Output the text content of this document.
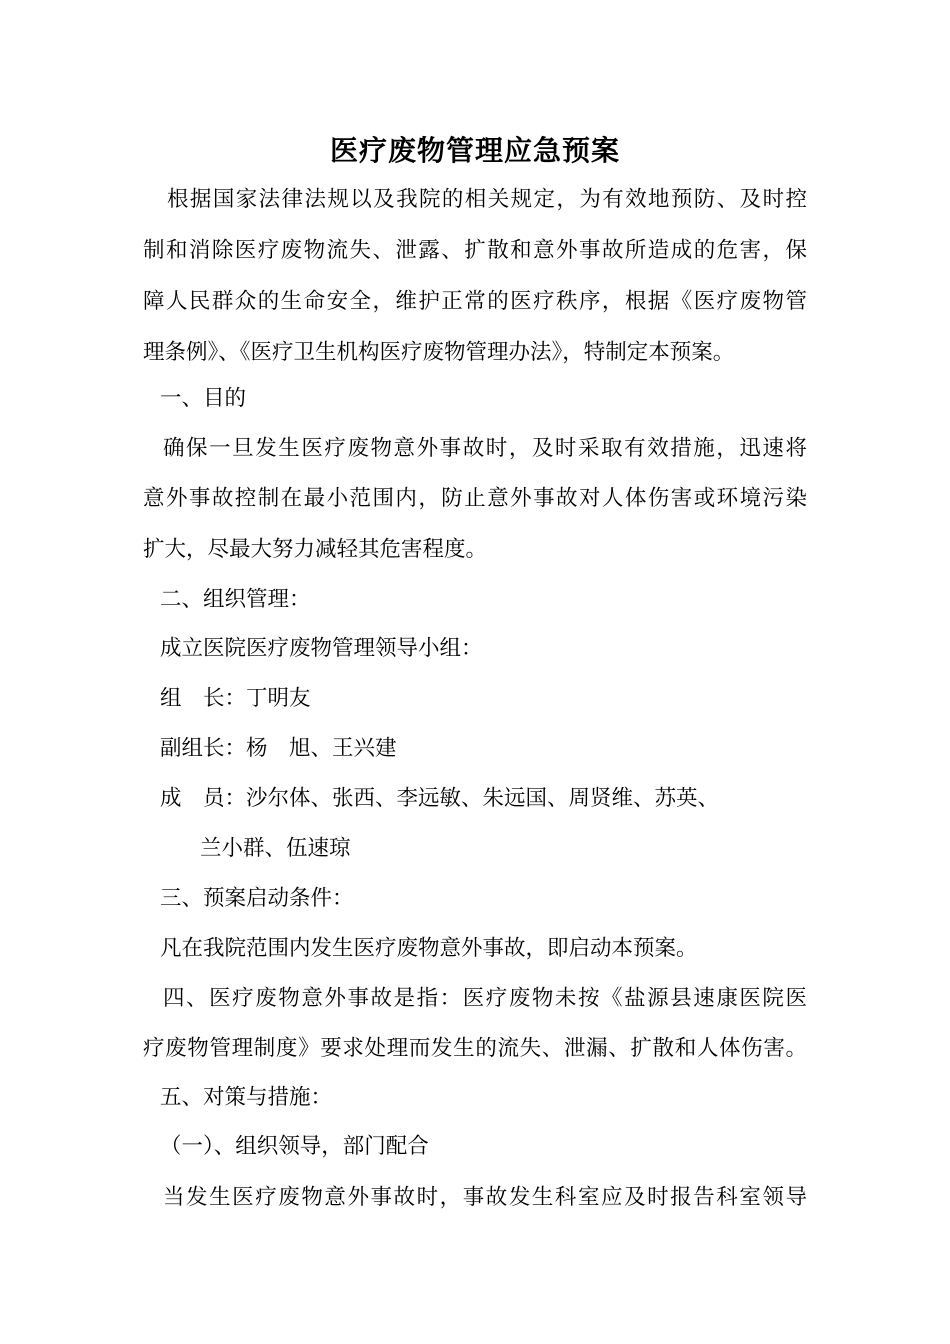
医疗废物管理应急预案
根据国家法律法规以及我院的相关规定，为有效地预防、及时控
制和消除医疗废物流失、泄露、扩散和意外事故所造成的危害，保
障人民群众的生命安全，维护正常的医疗秩序，根据《医疗废物管
理条例》、《医疗卫生机构医疗废物管理办法》，特制定本预案。
一、目的
确保一旦发生医疗废物意外事故时，及时采取有效措施，迅速将
意外事故控制在最小范围内，防止意外事故对人体伤害或环境污染
扩大，尽最大努力减轻其危害程度。
二、组织管理：
成立医院医疗废物管理领导小组：
组　长：丁明友
副组长：杨　旭、王兴建
成　员：沙尔体、张西、李远敏、朱远国、周贤维、苏英、
兰小群、伍速琼
三、预案启动条件：
凡在我院范围内发生医疗废物意外事故，即启动本预案。
四、医疗废物意外事故是指：医疗废物未按《盐源县速康医院医
疗废物管理制度》要求处理而发生的流失、泄漏、扩散和人体伤害。
五、对策与措施：
（一）、组织领导，部门配合
当发生医疗废物意外事故时，事故发生科室应及时报告科室领导
